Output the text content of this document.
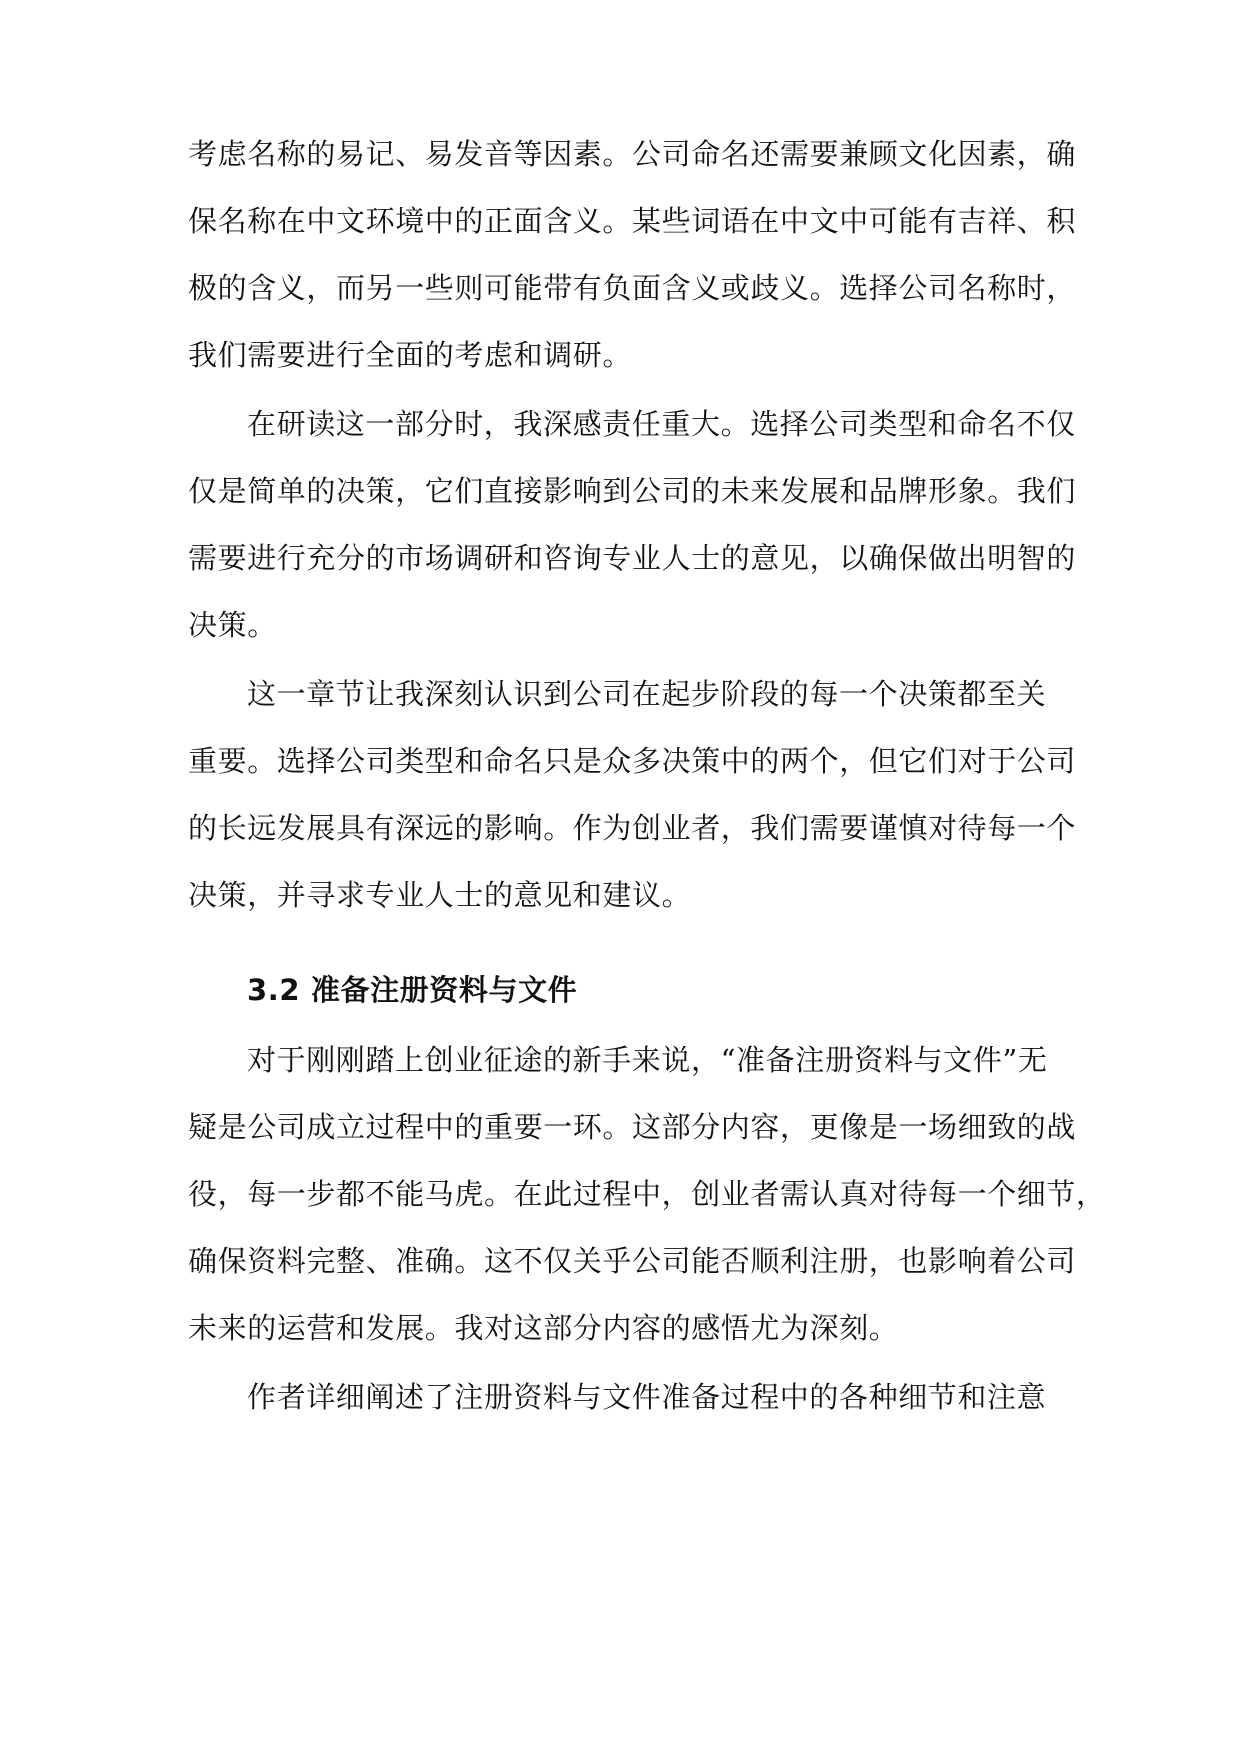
考虑名称的易记、易发音等因素。公司命名还需要兼顾文化因素，确
保名称在中文环境中的正面含义。某些词语在中文中可能有吉祥、积
极的含义，而另一些则可能带有负面含义或歧义。选择公司名称时，
我们需要进行全面的考虑和调研。
在研读这一部分时，我深感责任重大。选择公司类型和命名不仅
仅是简单的决策，它们直接影响到公司的未来发展和品牌形象。我们
需要进行充分的市场调研和咨询专业人士的意见，以确保做出明智的
决策。
这一章节让我深刻认识到公司在起步阶段的每一个决策都至关
重要。选择公司类型和命名只是众多决策中的两个，但它们对于公司
的长远发展具有深远的影响。作为创业者，我们需要谨慎对待每一个
决策，并寻求专业人士的意见和建议。
3.2 准备注册资料与文件
对于刚刚踏上创业征途的新手来说，“准备注册资料与文件”无
疑是公司成立过程中的重要一环。这部分内容，更像是一场细致的战
役，每一步都不能马虎。在此过程中，创业者需认真对待每一个细节，
确保资料完整、准确。这不仅关乎公司能否顺利注册，也影响着公司
未来的运营和发展。我对这部分内容的感悟尤为深刻。
作者详细阐述了注册资料与文件准备过程中的各种细节和注意
